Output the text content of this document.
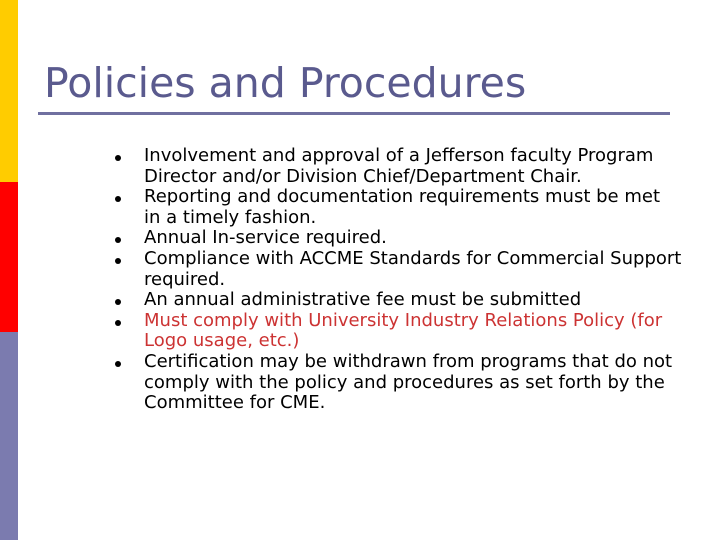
Policies and Procedures
Involvement and approval of a Jefferson faculty Program Director and/or Division Chief/Department Chair.
Reporting and documentation requirements must be met in a timely fashion.
Annual In-service required.
Compliance with ACCME Standards for Commercial Support required.
An annual administrative fee must be submitted
Must comply with University Industry Relations Policy (for Logo usage, etc.)
Certification may be withdrawn from programs that do not comply with the policy and procedures as set forth by the Committee for CME.
